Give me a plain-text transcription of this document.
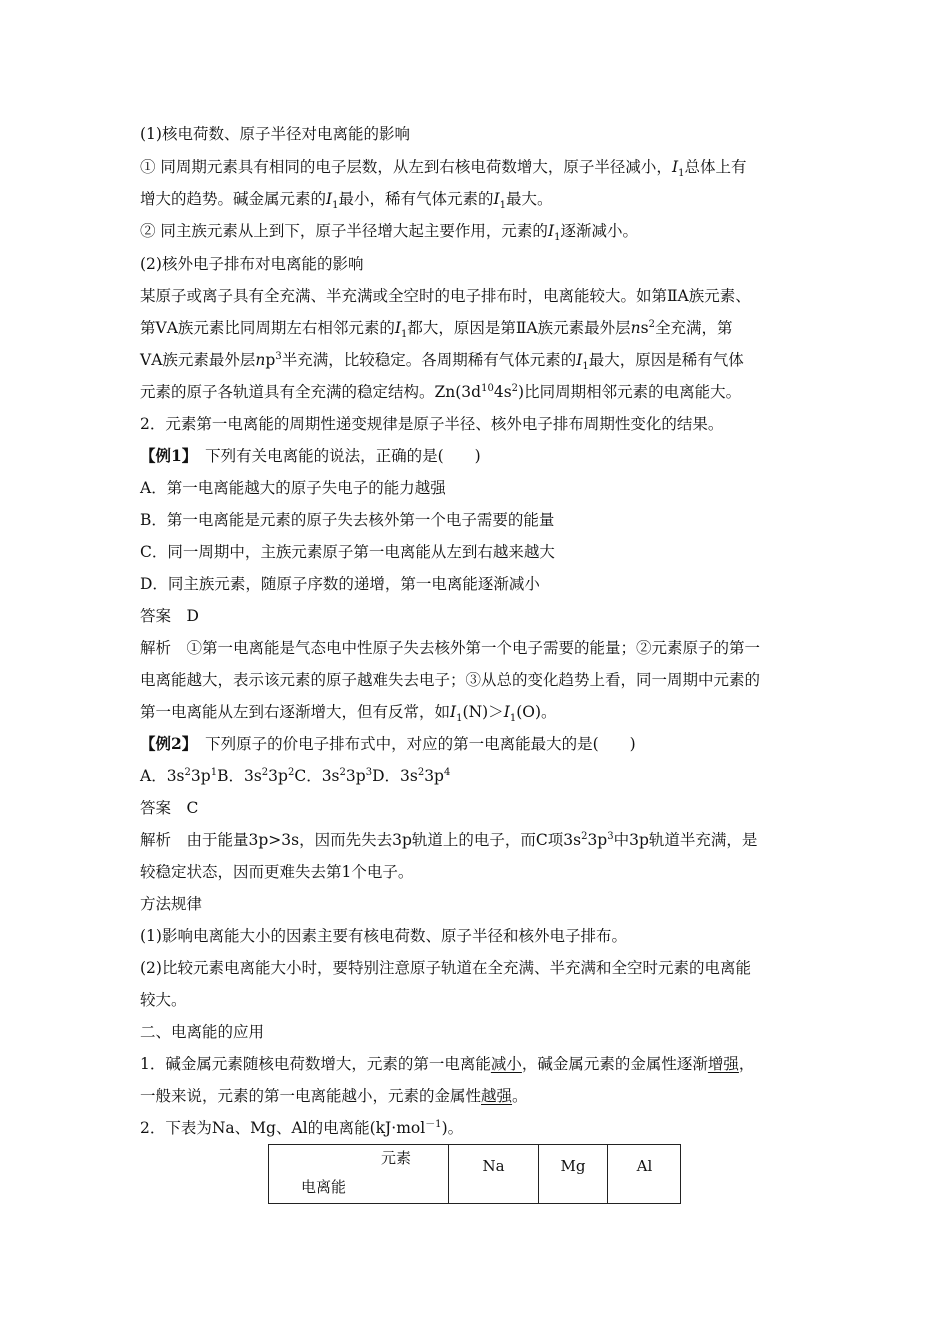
(1)核电荷数、原子半径对电离能的影响
① 同周期元素具有相同的电子层数，从左到右核电荷数增大，原子半径减小，$I_1$总体上有
增大的趋势。碱金属元素的$I_1$最小，稀有气体元素的$I_1$最大。
② 同主族元素从上到下，原子半径增大起主要作用，元素的$I_1$逐渐减小。
(2)核外电子排布对电离能的影响
某原子或离子具有全充满、半充满或全空时的电子排布时，电离能较大。如第ⅡA族元素、
第ⅤA族元素比同周期左右相邻元素的$I_1$都大，原因是第ⅡA族元素最外层$ns^2$全充满，第
ⅤA族元素最外层$np^3$半充满，比较稳定。各周期稀有气体元素的$I_1$最大，原因是稀有气体
元素的原子各轨道具有全充满的稳定结构。$Zn(3d^{10}4s^2)$比同周期相邻元素的电离能大。
2．元素第一电离能的周期性递变规律是原子半径、核外电子排布周期性变化的结果。
【例1】　 下列有关电离能的说法，正确的是(　　)
A．第一电离能越大的原子失电子的能力越强
B．第一电离能是元素的原子失去核外第一个电子需要的能量
C．同一周期中，主族元素原子第一电离能从左到右越来越大
D．同主族元素，随原子序数的递增，第一电离能逐渐减小
答案　D
解析　①第一电离能是气态电中性原子失去核外第一个电子需要的能量；②元素原子的第一
电离能越大，表示该元素的原子越难失去电子；③从总的变化趋势上看，同一周期中元素的
第一电离能从左到右逐渐增大，但有反常，如$I_1(N)>I_1(O)$。
【例2】　 下列原子的价电子排布式中，对应的第一电离能最大的是(　　)
A．$3s^23p^1B$．$3s^23p^2C$．$3s^23p^3D$．$3s^23p^4$
答案　C
解析　由于能量3p>3s，因而先失去3p轨道上的电子，而C项$3s^23p^3$中3p轨道半充满，是
较稳定状态，因而更难失去第1个电子。
方法规律
(1)影响电离能大小的因素主要有核电荷数、原子半径和核外电子排布。
(2)比较元素电离能大小时，要特别注意原子轨道在全充满、半充满和全空时元素的电离能
较大。
二、电离能的应用
1．碱金属元素随核电荷数增大，元素的第一电离能减小，碱金属元素的金属性逐渐增强，
一般来说，元素的第一电离能越小，元素的金属性越强。
2．下表为Na、Mg、Al的电离能(kJ·mol$^{-1}$)。
元素
电离能
Na	Mg	Al
